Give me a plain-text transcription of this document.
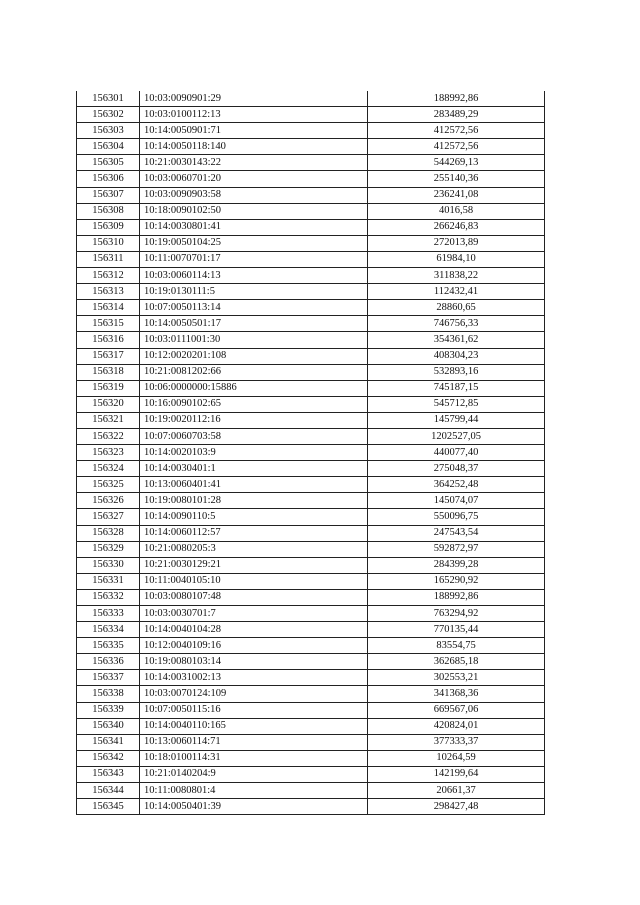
156301	10:03:0090901:29	188992,86
156302	10:03:0100112:13	283489,29
156303	10:14:0050901:71	412572,56
156304	10:14:0050118:140	412572,56
156305	10:21:0030143:22	544269,13
156306	10:03:0060701:20	255140,36
156307	10:03:0090903:58	236241,08
156308	10:18:0090102:50	4016,58
156309	10:14:0030801:41	266246,83
156310	10:19:0050104:25	272013,89
156311	10:11:0070701:17	61984,10
156312	10:03:0060114:13	311838,22
156313	10:19:0130111:5	112432,41
156314	10:07:0050113:14	28860,65
156315	10:14:0050501:17	746756,33
156316	10:03:0111001:30	354361,62
156317	10:12:0020201:108	408304,23
156318	10:21:0081202:66	532893,16
156319	10:06:0000000:15886	745187,15
156320	10:16:0090102:65	545712,85
156321	10:19:0020112:16	145799,44
156322	10:07:0060703:58	1202527,05
156323	10:14:0020103:9	440077,40
156324	10:14:0030401:1	275048,37
156325	10:13:0060401:41	364252,48
156326	10:19:0080101:28	145074,07
156327	10:14:0090110:5	550096,75
156328	10:14:0060112:57	247543,54
156329	10:21:0080205:3	592872,97
156330	10:21:0030129:21	284399,28
156331	10:11:0040105:10	165290,92
156332	10:03:0080107:48	188992,86
156333	10:03:0030701:7	763294,92
156334	10:14:0040104:28	770135,44
156335	10:12:0040109:16	83554,75
156336	10:19:0080103:14	362685,18
156337	10:14:0031002:13	302553,21
156338	10:03:0070124:109	341368,36
156339	10:07:0050115:16	669567,06
156340	10:14:0040110:165	420824,01
156341	10:13:0060114:71	377333,37
156342	10:18:0100114:31	10264,59
156343	10:21:0140204:9	142199,64
156344	10:11:0080801:4	20661,37
156345	10:14:0050401:39	298427,48
